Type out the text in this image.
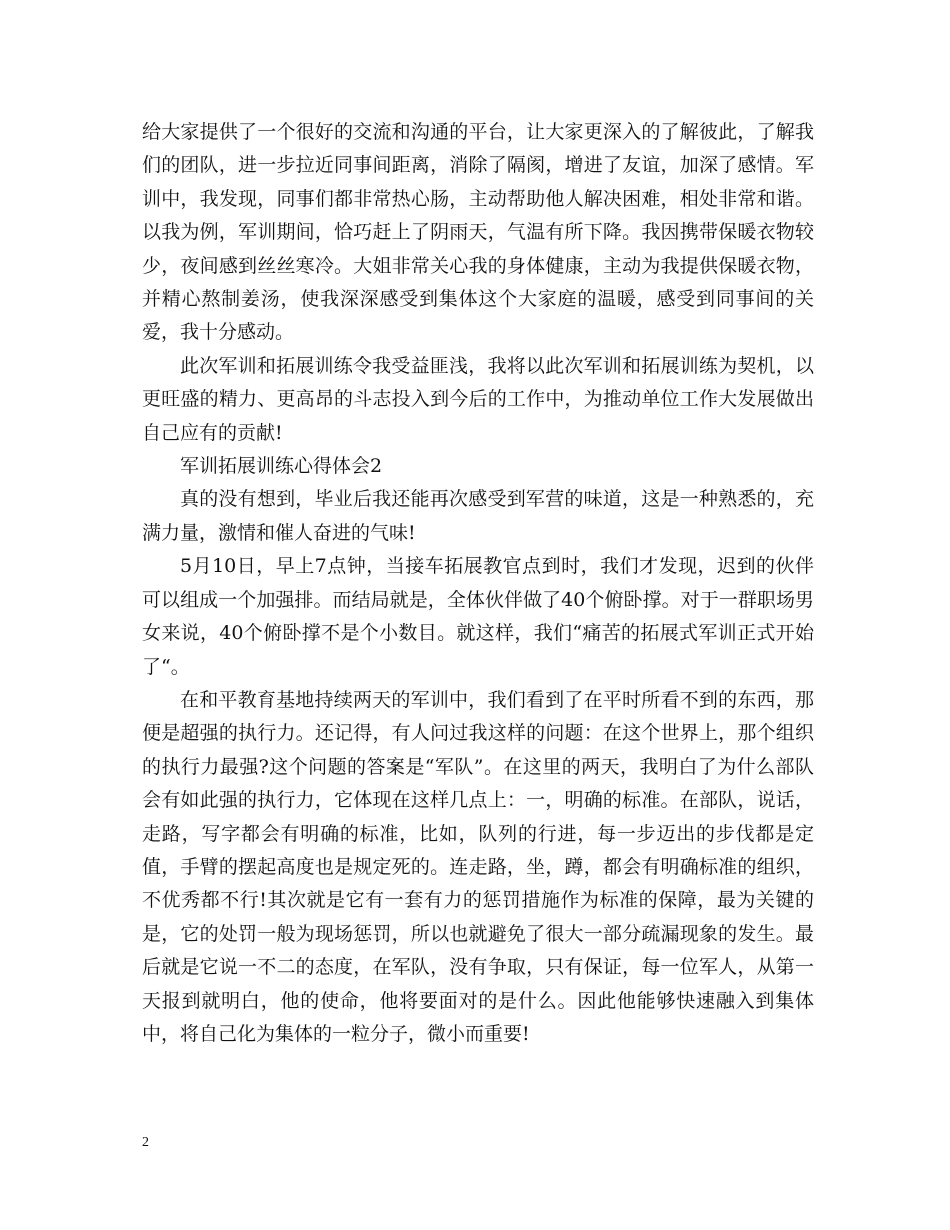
给大家提供了一个很好的交流和沟通的平台，让大家更深入的了解彼此，了解我们的团队，进一步拉近同事间距离，消除了隔阂，增进了友谊，加深了感情。军训中，我发现，同事们都非常热心肠，主动帮助他人解决困难，相处非常和谐。以我为例，军训期间，恰巧赶上了阴雨天，气温有所下降。我因携带保暖衣物较少，夜间感到丝丝寒冷。大姐非常关心我的身体健康，主动为我提供保暖衣物，并精心熬制姜汤，使我深深感受到集体这个大家庭的温暖，感受到同事间的关爱，我十分感动。

此次军训和拓展训练令我受益匪浅，我将以此次军训和拓展训练为契机，以更旺盛的精力、更高昂的斗志投入到今后的工作中，为推动单位工作大发展做出自己应有的贡献!

军训拓展训练心得体会2

真的没有想到，毕业后我还能再次感受到军营的味道，这是一种熟悉的，充满力量，激情和催人奋进的气味!

5月10日，早上7点钟，当接车拓展教官点到时，我们才发现，迟到的伙伴可以组成一个加强排。而结局就是，全体伙伴做了40个俯卧撑。对于一群职场男女来说，40个俯卧撑不是个小数目。就这样，我们“痛苦的拓展式军训正式开始了“。

在和平教育基地持续两天的军训中，我们看到了在平时所看不到的东西，那便是超强的执行力。还记得，有人问过我这样的问题：在这个世界上，那个组织的执行力最强?这个问题的答案是“军队”。在这里的两天，我明白了为什么部队会有如此强的执行力，它体现在这样几点上：一，明确的标准。在部队，说话，走路，写字都会有明确的标准，比如，队列的行进，每一步迈出的步伐都是定值，手臂的摆起高度也是规定死的。连走路，坐，蹲，都会有明确标准的组织，不优秀都不行!其次就是它有一套有力的惩罚措施作为标准的保障，最为关键的是，它的处罚一般为现场惩罚，所以也就避免了很大一部分疏漏现象的发生。最后就是它说一不二的态度，在军队，没有争取，只有保证，每一位军人，从第一天报到就明白，他的使命，他将要面对的是什么。因此他能够快速融入到集体中，将自己化为集体的一粒分子，微小而重要!

2
